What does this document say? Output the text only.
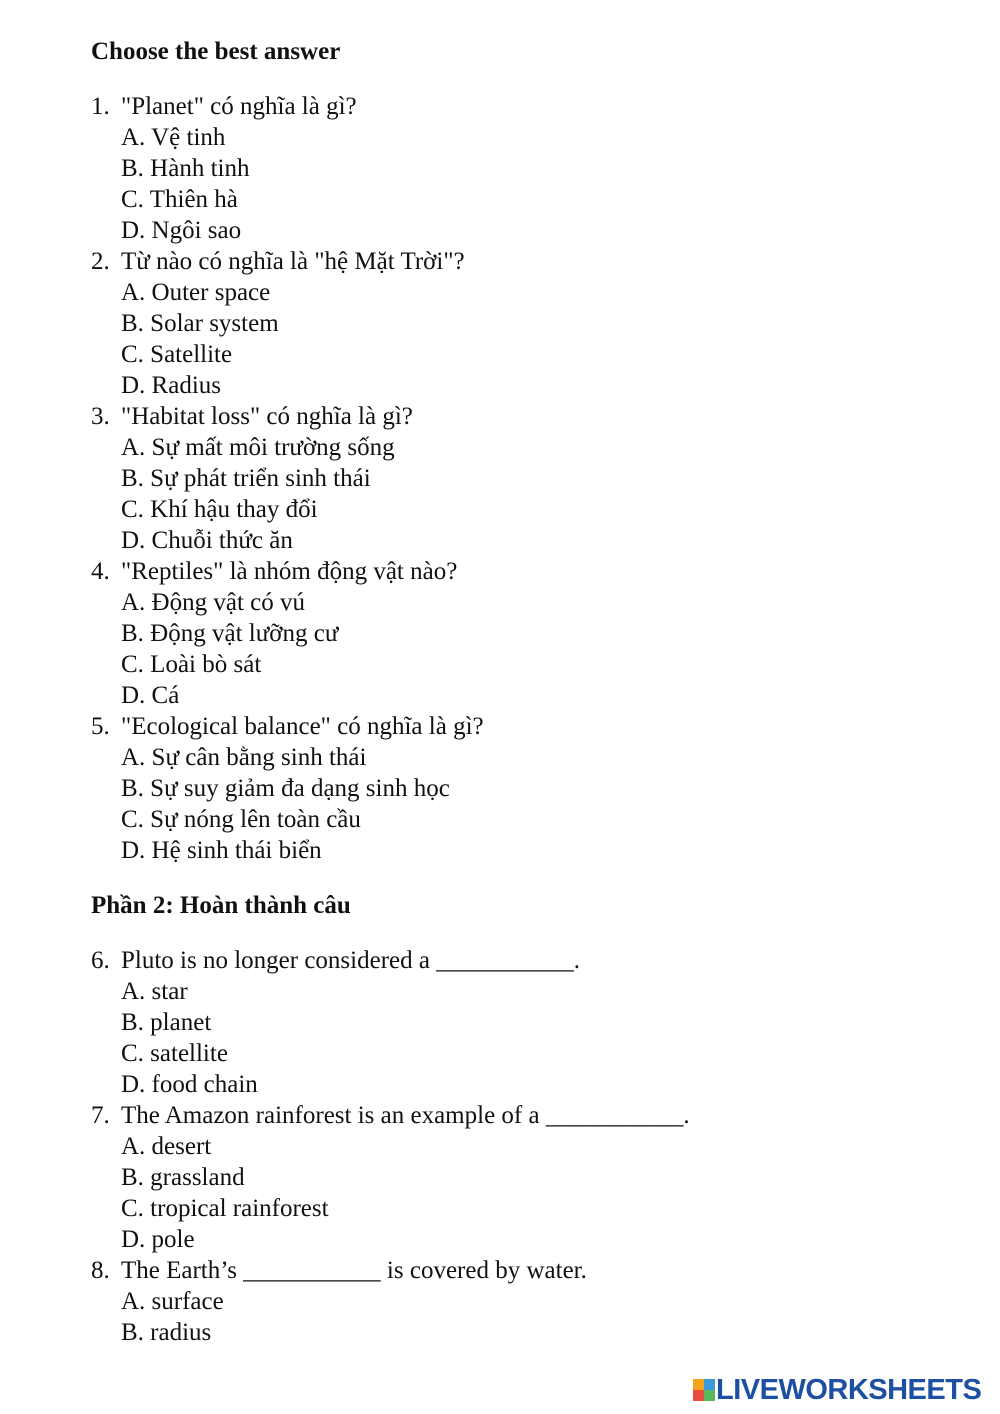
Choose the best answer
1. "Planet" có nghĩa là gì?
A. Vệ tinh
B. Hành tinh
C. Thiên hà
D. Ngôi sao
2. Từ nào có nghĩa là "hệ Mặt Trời"?
A. Outer space
B. Solar system
C. Satellite
D. Radius
3. "Habitat loss" có nghĩa là gì?
A. Sự mất môi trường sống
B. Sự phát triển sinh thái
C. Khí hậu thay đổi
D. Chuỗi thức ăn
4. "Reptiles" là nhóm động vật nào?
A. Động vật có vú
B. Động vật lưỡng cư
C. Loài bò sát
D. Cá
5. "Ecological balance" có nghĩa là gì?
A. Sự cân bằng sinh thái
B. Sự suy giảm đa dạng sinh học
C. Sự nóng lên toàn cầu
D. Hệ sinh thái biển
Phần 2: Hoàn thành câu
6. Pluto is no longer considered a ___________.
A. star
B. planet
C. satellite
D. food chain
7. The Amazon rainforest is an example of a ___________.
A. desert
B. grassland
C. tropical rainforest
D. pole
8. The Earth’s ___________ is covered by water.
A. surface
B. radius
LIVEWORKSHEETS
